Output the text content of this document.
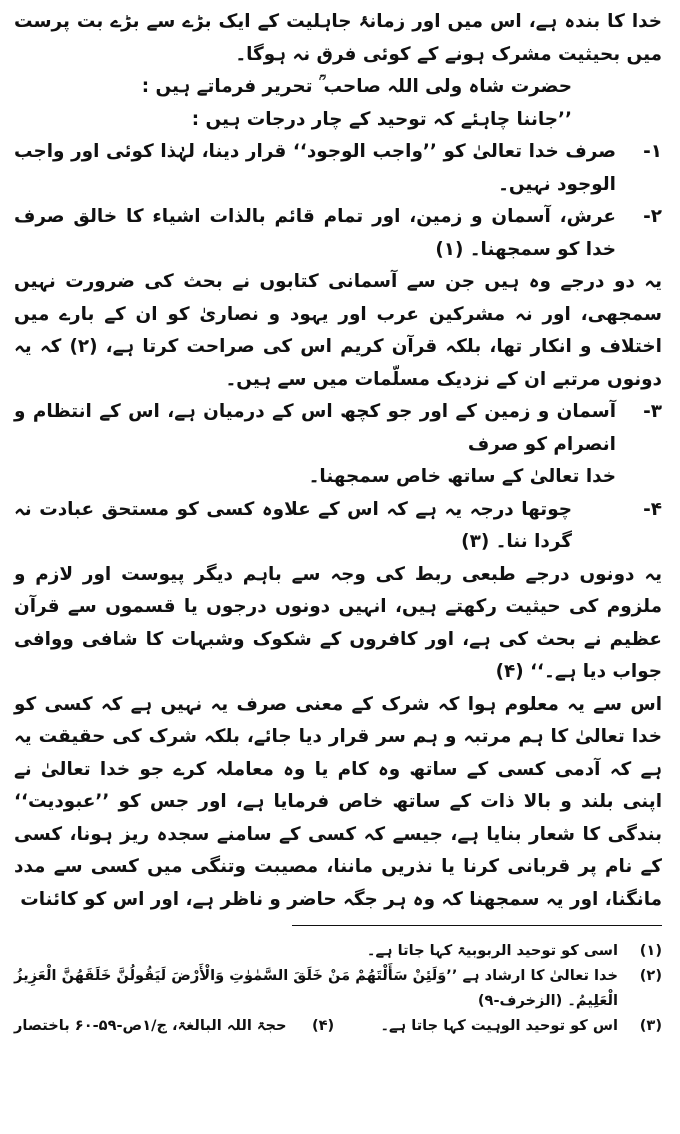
خدا کا بندہ ہے، اس میں اور زمانۂ جاہلیت کے ایک بڑے سے بڑے بت پرست میں بحیثیت مشرک ہونے کے کوئی فرق نہ ہوگا۔

حضرت شاہ ولی اللہ صاحب ؒ تحریر فرماتے ہیں :

’’جاننا چاہئے کہ توحید کے چار درجات ہیں :

۱-
صرف خدا تعالیٰ کو ’’واجب الوجود‘‘ قرار دینا، لہٰذا کوئی اور واجب الوجود نہیں۔
۲-
عرش، آسمان و زمین، اور تمام قائم بالذات اشیاء کا خالق صرف خدا کو سمجھنا۔ (۱)

یہ دو درجے وہ ہیں جن سے آسمانی کتابوں نے بحث کی ضرورت نہیں سمجھی، اور نہ مشرکین عرب اور یہود و نصاریٰ کو ان کے بارے میں اختلاف و انکار تھا، بلکہ قرآن کریم اس کی صراحت کرتا ہے، (۲) کہ یہ دونوں مرتبے ان کے نزدیک مسلّمات میں سے ہیں۔

۳-
آسمان و زمین کے اور جو کچھ اس کے درمیان ہے، اس کے انتظام و انصرام کو صرف
خدا تعالیٰ کے ساتھ خاص سمجھنا۔
۴-
چوتھا درجہ یہ ہے کہ اس کے علاوہ کسی کو مستحق عبادت نہ گردا ننا۔ (۳)

یہ دونوں درجے طبعی ربط کی وجہ سے باہم دیگر پیوست اور لازم و ملزوم کی حیثیت رکھتے ہیں، انہیں دونوں درجوں یا قسموں سے قرآن عظیم نے بحث کی ہے، اور کافروں کے شکوک وشبہات کا شافی ووافی جواب دیا ہے۔‘‘ (۴)

اس سے یہ معلوم ہوا کہ شرک کے معنی صرف یہ نہیں ہے کہ کسی کو خدا تعالیٰ کا ہم مرتبہ و ہم سر قرار دیا جائے، بلکہ شرک کی حقیقت یہ ہے کہ آدمی کسی کے ساتھ وہ کام یا وہ معاملہ کرے جو خدا تعالیٰ نے اپنی بلند و بالا ذات کے ساتھ خاص فرمایا ہے، اور جس کو ’’عبودیت‘‘ بندگی کا شعار بنایا ہے، جیسے کہ کسی کے سامنے سجدہ ریز ہونا، کسی کے نام پر قربانی کرنا یا نذریں ماننا، مصیبت وتنگی میں کسی سے مدد مانگنا، اور یہ سمجھنا کہ وہ ہر جگہ حاضر و ناظر ہے، اور اس کو کائنات

(۱)
اسی کو توحید الربوبیۃ کہا جاتا ہے۔
(۲)
خدا تعالیٰ کا ارشاد ہے ’’وَلَئِنْ سَأَلْتَهُمْ مَنْ خَلَقَ السَّمٰوٰتِ وَالْأَرْضَ لَيَقُولُنَّ خَلَقَهُنَّ الْعَزِيزُ
الْعَلِيمُ۔ (الزخرف-۹)
(۳)
اس کو توحید الوہیت کہا جاتا ہے۔
(۴)     حجۃ اللہ البالغۃ، ج/۱ص-۵۹-۶۰ باختصار
